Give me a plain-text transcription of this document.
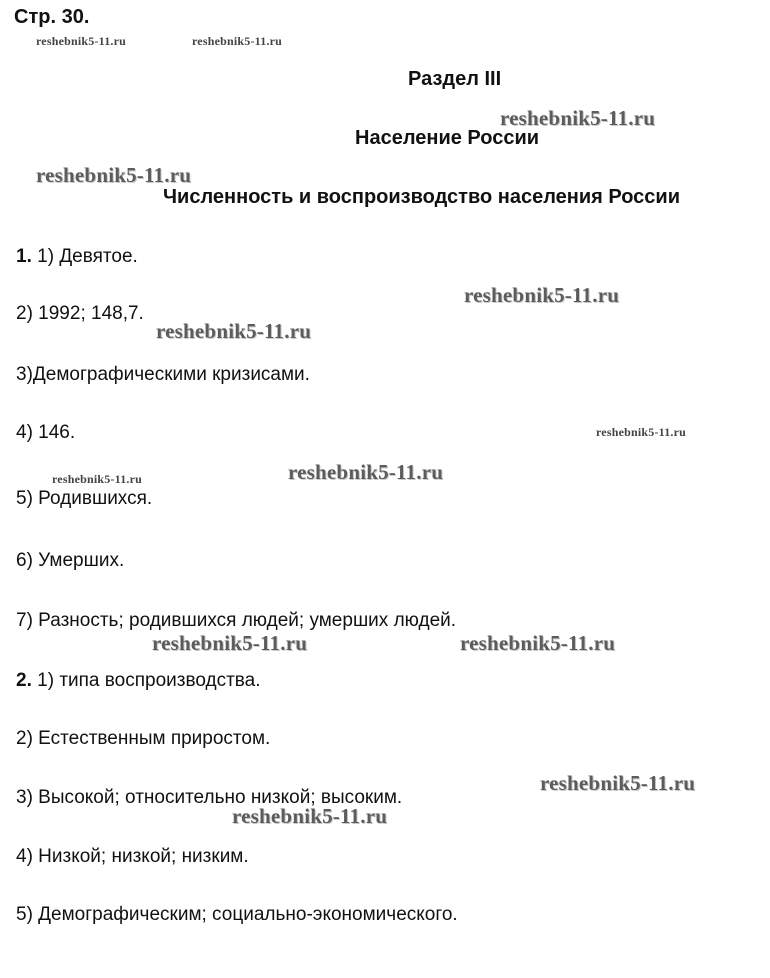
Стр. 30.
reshebnik5-11.ru	reshebnik5-11.ru
Раздел III
reshebnik5-11.ru
Население России
reshebnik5-11.ru
Численность и воспроизводство населения России
1. 1) Девятое.
reshebnik5-11.ru
2) 1992; 148,7.
reshebnik5-11.ru
3)Демографическими кризисами.
4) 146.	reshebnik5-11.ru
reshebnik5-11.ru
reshebnik5-11.ru
5) Родившихся.
6) Умерших.
7) Разность; родившихся людей; умерших людей.
reshebnik5-11.ru	reshebnik5-11.ru
2. 1) типа воспроизводства.
2) Естественным приростом.
reshebnik5-11.ru
3) Высокой; относительно низкой; высоким.
reshebnik5-11.ru
4) Низкой; низкой; низким.
5) Демографическим; социально-экономического.
